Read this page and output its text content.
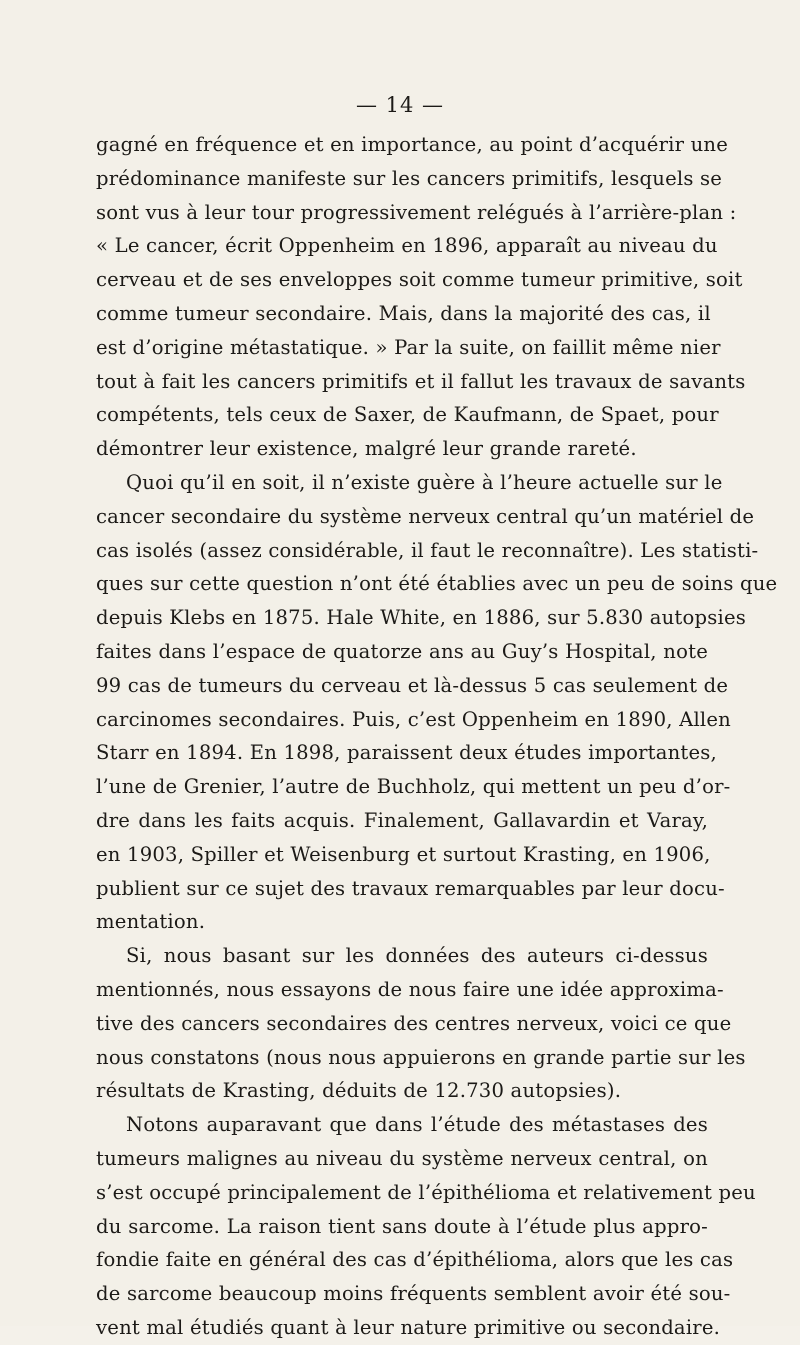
— 14 —
gagné en fréquence et en importance, au point d’acquérir une
prédominance manifeste sur les cancers primitifs, lesquels se
sont vus à leur tour progressivement relégués à l’arrière-plan :
« Le cancer, écrit Oppenheim en 1896, apparaît au niveau du
cerveau et de ses enveloppes soit comme tumeur primitive, soit
comme tumeur secondaire. Mais, dans la majorité des cas, il
est d’origine métastatique. » Par la suite, on faillit même nier
tout à fait les cancers primitifs et il fallut les travaux de savants
compétents, tels ceux de Saxer, de Kaufmann, de Spaet, pour
démontrer leur existence, malgré leur grande rareté.
Quoi qu’il en soit, il n’existe guère à l’heure actuelle sur le
cancer secondaire du système nerveux central qu’un matériel de
cas isolés (assez considérable, il faut le reconnaître). Les statisti-
ques sur cette question n’ont été établies avec un peu de soins que
depuis Klebs en 1875. Hale White, en 1886, sur 5.830 autopsies
faites dans l’espace de quatorze ans au Guy’s Hospital, note
99 cas de tumeurs du cerveau et là-dessus 5 cas seulement de
carcinomes secondaires. Puis, c’est Oppenheim en 1890, Allen
Starr en 1894. En 1898, paraissent deux études importantes,
l’une de Grenier, l’autre de Buchholz, qui mettent un peu d’or-
dre dans les faits acquis. Finalement, Gallavardin et Varay,
en 1903, Spiller et Weisenburg et surtout Krasting, en 1906,
publient sur ce sujet des travaux remarquables par leur docu-
mentation.
Si, nous basant sur les données des auteurs ci-dessus
mentionnés, nous essayons de nous faire une idée approxima-
tive des cancers secondaires des centres nerveux, voici ce que
nous constatons (nous nous appuierons en grande partie sur les
résultats de Krasting, déduits de 12.730 autopsies).
Notons auparavant que dans l’étude des métastases des
tumeurs malignes au niveau du système nerveux central, on
s’est occupé principalement de l’épithélioma et relativement peu
du sarcome. La raison tient sans doute à l’étude plus appro-
fondie faite en général des cas d’épithélioma, alors que les cas
de sarcome beaucoup moins fréquents semblent avoir été sou-
vent mal étudiés quant à leur nature primitive ou secondaire.
